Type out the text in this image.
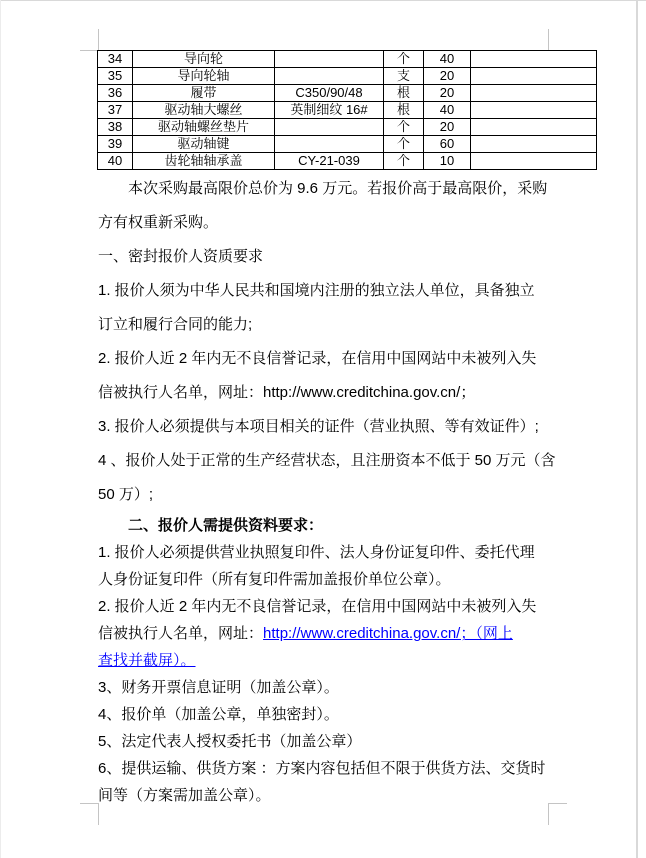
34	导向轮		个	40	
35	导向轮轴		支	20	
36	履带	C350/90/48	根	20	
37	驱动轴大螺丝	英制细纹 16#	根	40	
38	驱动轴螺丝垫片		个	20	
39	驱动轴键		个	60	
40	齿轮轴轴承盖	CY-21-039	个	10	
本次采购最高限价总价为 9.6 万元。若报价高于最高限价，采购
方有权重新采购。
一、密封报价人资质要求
1. 报价人须为中华人民共和国境内注册的独立法人单位，具备独立
订立和履行合同的能力;
2. 报价人近 2 年内无不良信誉记录，在信用中国网站中未被列入失
信被执行人名单，网址：http://www.creditchina.gov.cn/；
3. 报价人必须提供与本项目相关的证件（营业执照、等有效证件）;
4 、报价人处于正常的生产经营状态，且注册资本不低于 50 万元（含
50 万）;
二、报价人需提供资料要求：
1. 报价人必须提供营业执照复印件、法人身份证复印件、委托代理
人身份证复印件（所有复印件需加盖报价单位公章）。
2. 报价人近 2 年内无不良信誉记录，在信用中国网站中未被列入失
信被执行人名单，网址：http://www.creditchina.gov.cn/；（网上
查找并截屏）。
3、财务开票信息证明（加盖公章）。
4、报价单（加盖公章，单独密封）。
5、法定代表人授权委托书（加盖公章）
6、提供运输、供货方案 ：方案内容包括但不限于供货方法、交货时
间等（方案需加盖公章）。
